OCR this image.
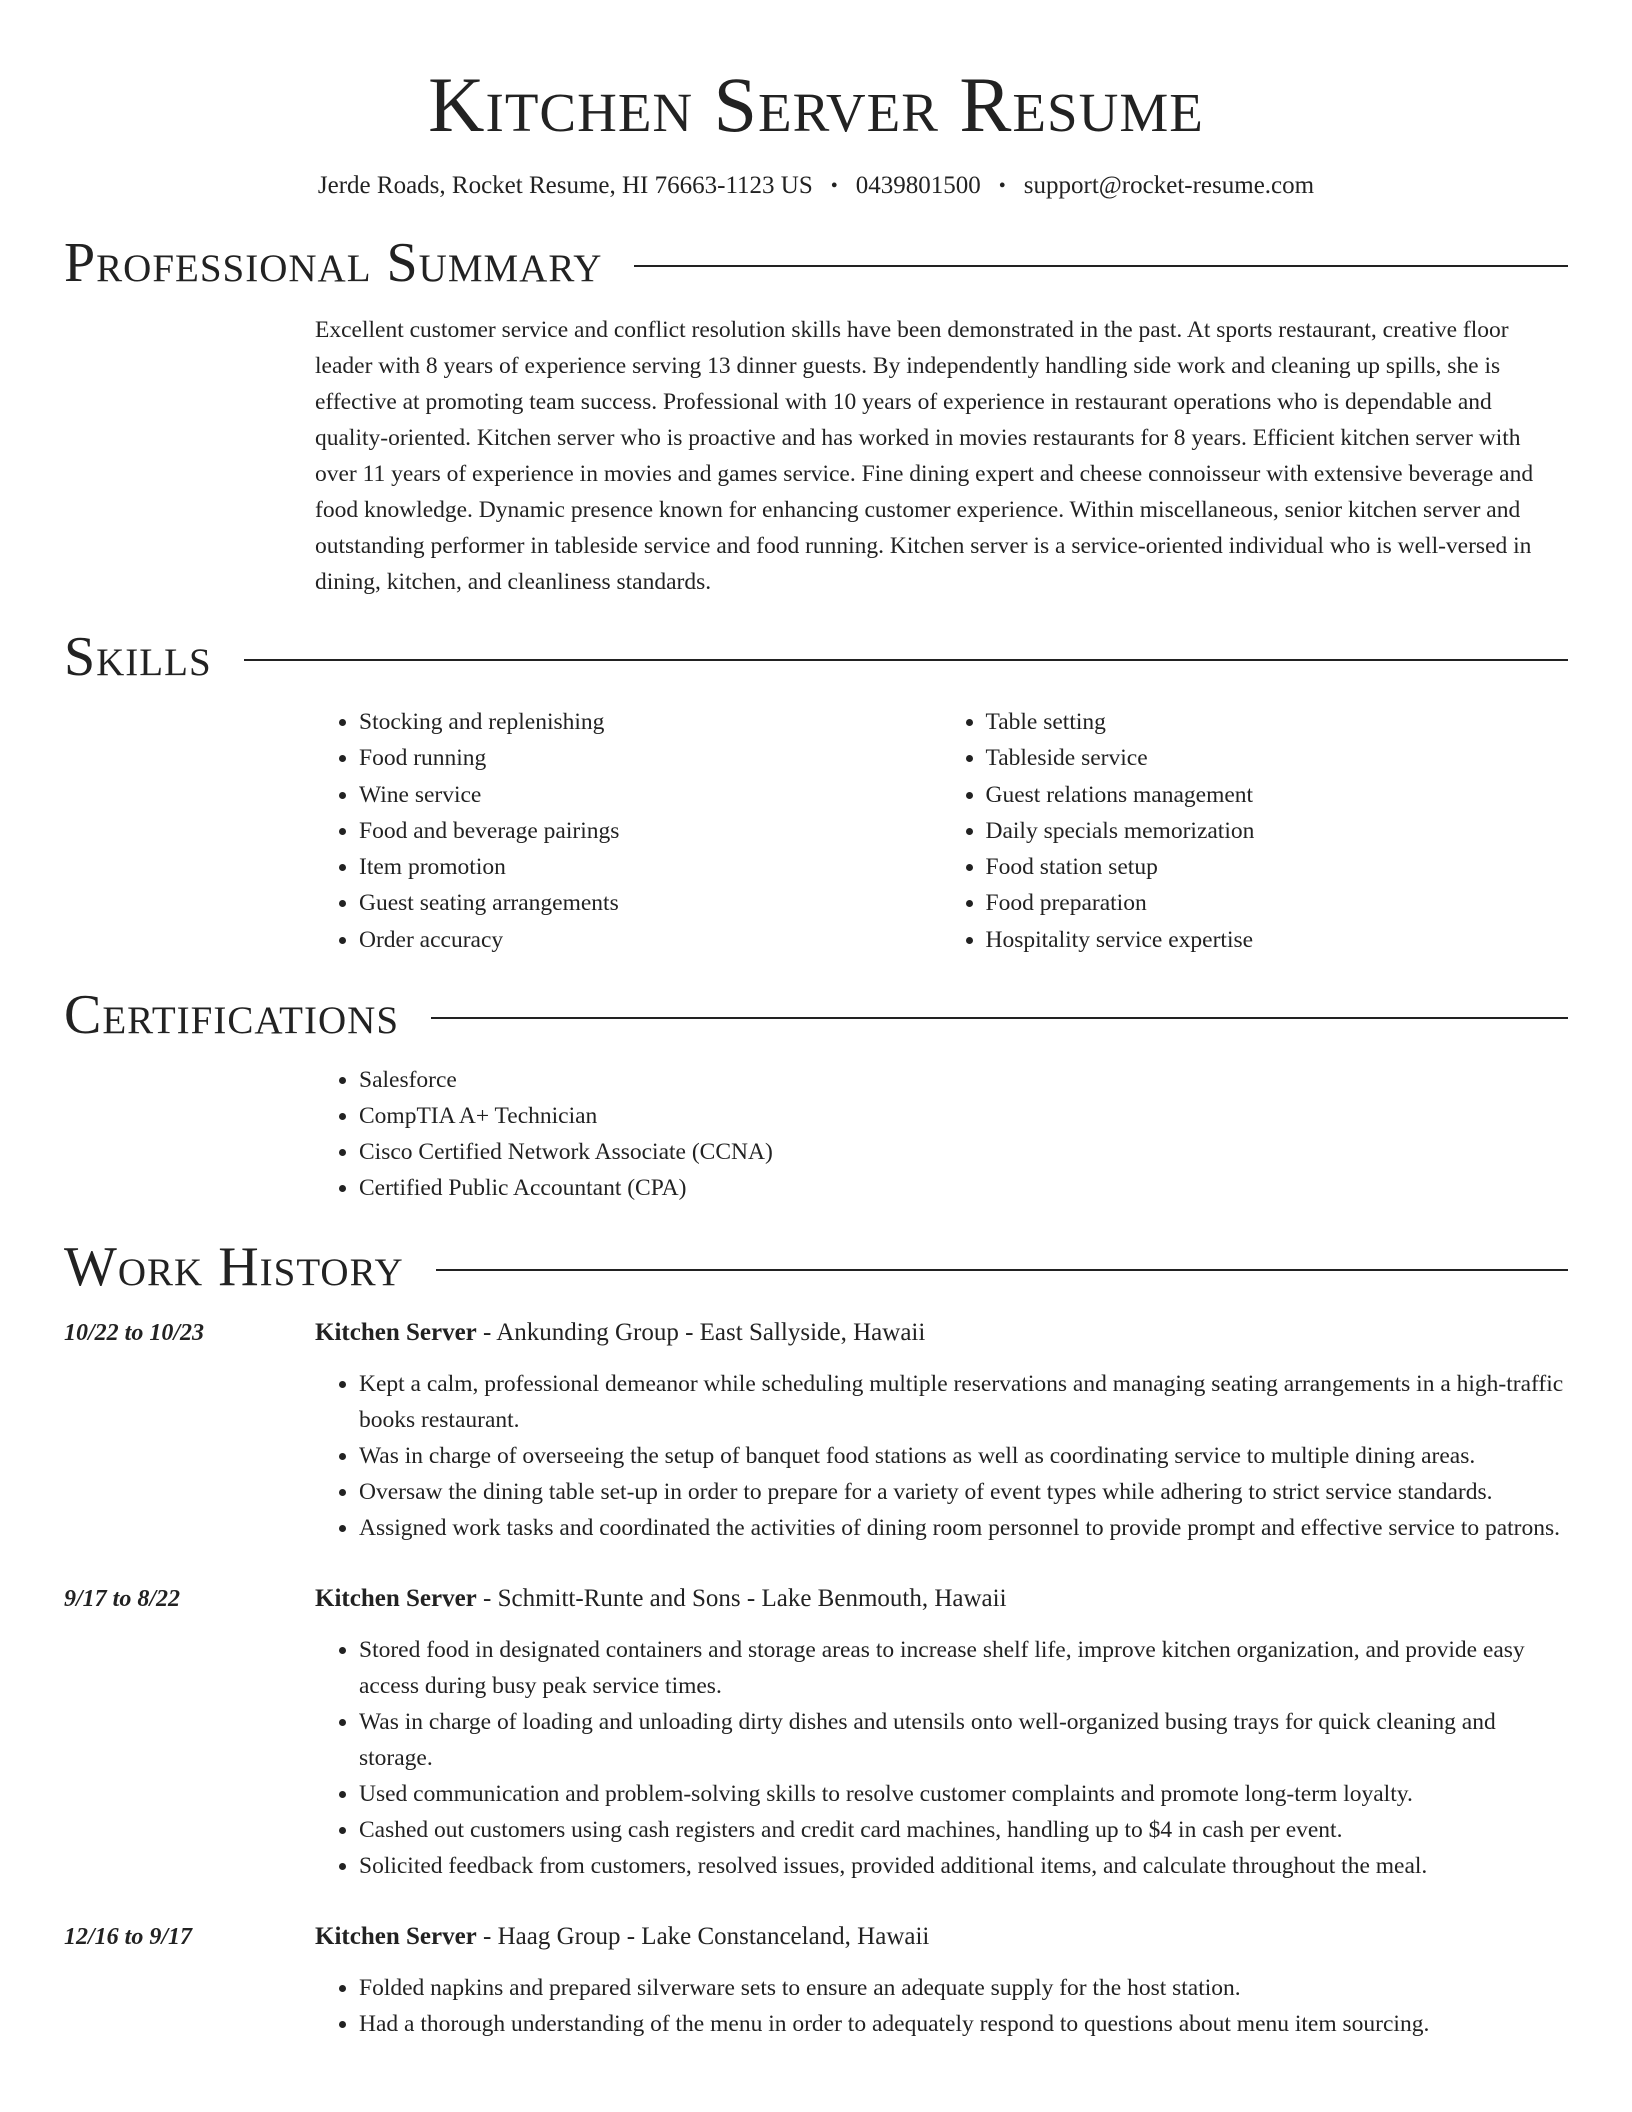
Kitchen Server Resume
Jerde Roads, Rocket Resume, HI 76663-1123 US • 0439801500 • support@rocket-resume.com
Professional Summary
Excellent customer service and conflict resolution skills have been demonstrated in the past. At sports restaurant, creative floor leader with 8 years of experience serving 13 dinner guests. By independently handling side work and cleaning up spills, she is effective at promoting team success. Professional with 10 years of experience in restaurant operations who is dependable and quality-oriented. Kitchen server who is proactive and has worked in movies restaurants for 8 years. Efficient kitchen server with over 11 years of experience in movies and games service. Fine dining expert and cheese connoisseur with extensive beverage and food knowledge. Dynamic presence known for enhancing customer experience. Within miscellaneous, senior kitchen server and outstanding performer in tableside service and food running. Kitchen server is a service-oriented individual who is well-versed in dining, kitchen, and cleanliness standards.
Skills
• Stocking and replenishing
• Food running
• Wine service
• Food and beverage pairings
• Item promotion
• Guest seating arrangements
• Order accuracy
• Table setting
• Tableside service
• Guest relations management
• Daily specials memorization
• Food station setup
• Food preparation
• Hospitality service expertise
Certifications
• Salesforce
• CompTIA A+ Technician
• Cisco Certified Network Associate (CCNA)
• Certified Public Accountant (CPA)
Work History
10/22 to 10/23	Kitchen Server - Ankunding Group - East Sallyside, Hawaii
• Kept a calm, professional demeanor while scheduling multiple reservations and managing seating arrangements in a high-traffic books restaurant.
• Was in charge of overseeing the setup of banquet food stations as well as coordinating service to multiple dining areas.
• Oversaw the dining table set-up in order to prepare for a variety of event types while adhering to strict service standards.
• Assigned work tasks and coordinated the activities of dining room personnel to provide prompt and effective service to patrons.
9/17 to 8/22	Kitchen Server - Schmitt-Runte and Sons - Lake Benmouth, Hawaii
• Stored food in designated containers and storage areas to increase shelf life, improve kitchen organization, and provide easy access during busy peak service times.
• Was in charge of loading and unloading dirty dishes and utensils onto well-organized busing trays for quick cleaning and storage.
• Used communication and problem-solving skills to resolve customer complaints and promote long-term loyalty.
• Cashed out customers using cash registers and credit card machines, handling up to $4 in cash per event.
• Solicited feedback from customers, resolved issues, provided additional items, and calculate throughout the meal.
12/16 to 9/17	Kitchen Server - Haag Group - Lake Constanceland, Hawaii
• Folded napkins and prepared silverware sets to ensure an adequate supply for the host station.
• Had a thorough understanding of the menu in order to adequately respond to questions about menu item sourcing.
